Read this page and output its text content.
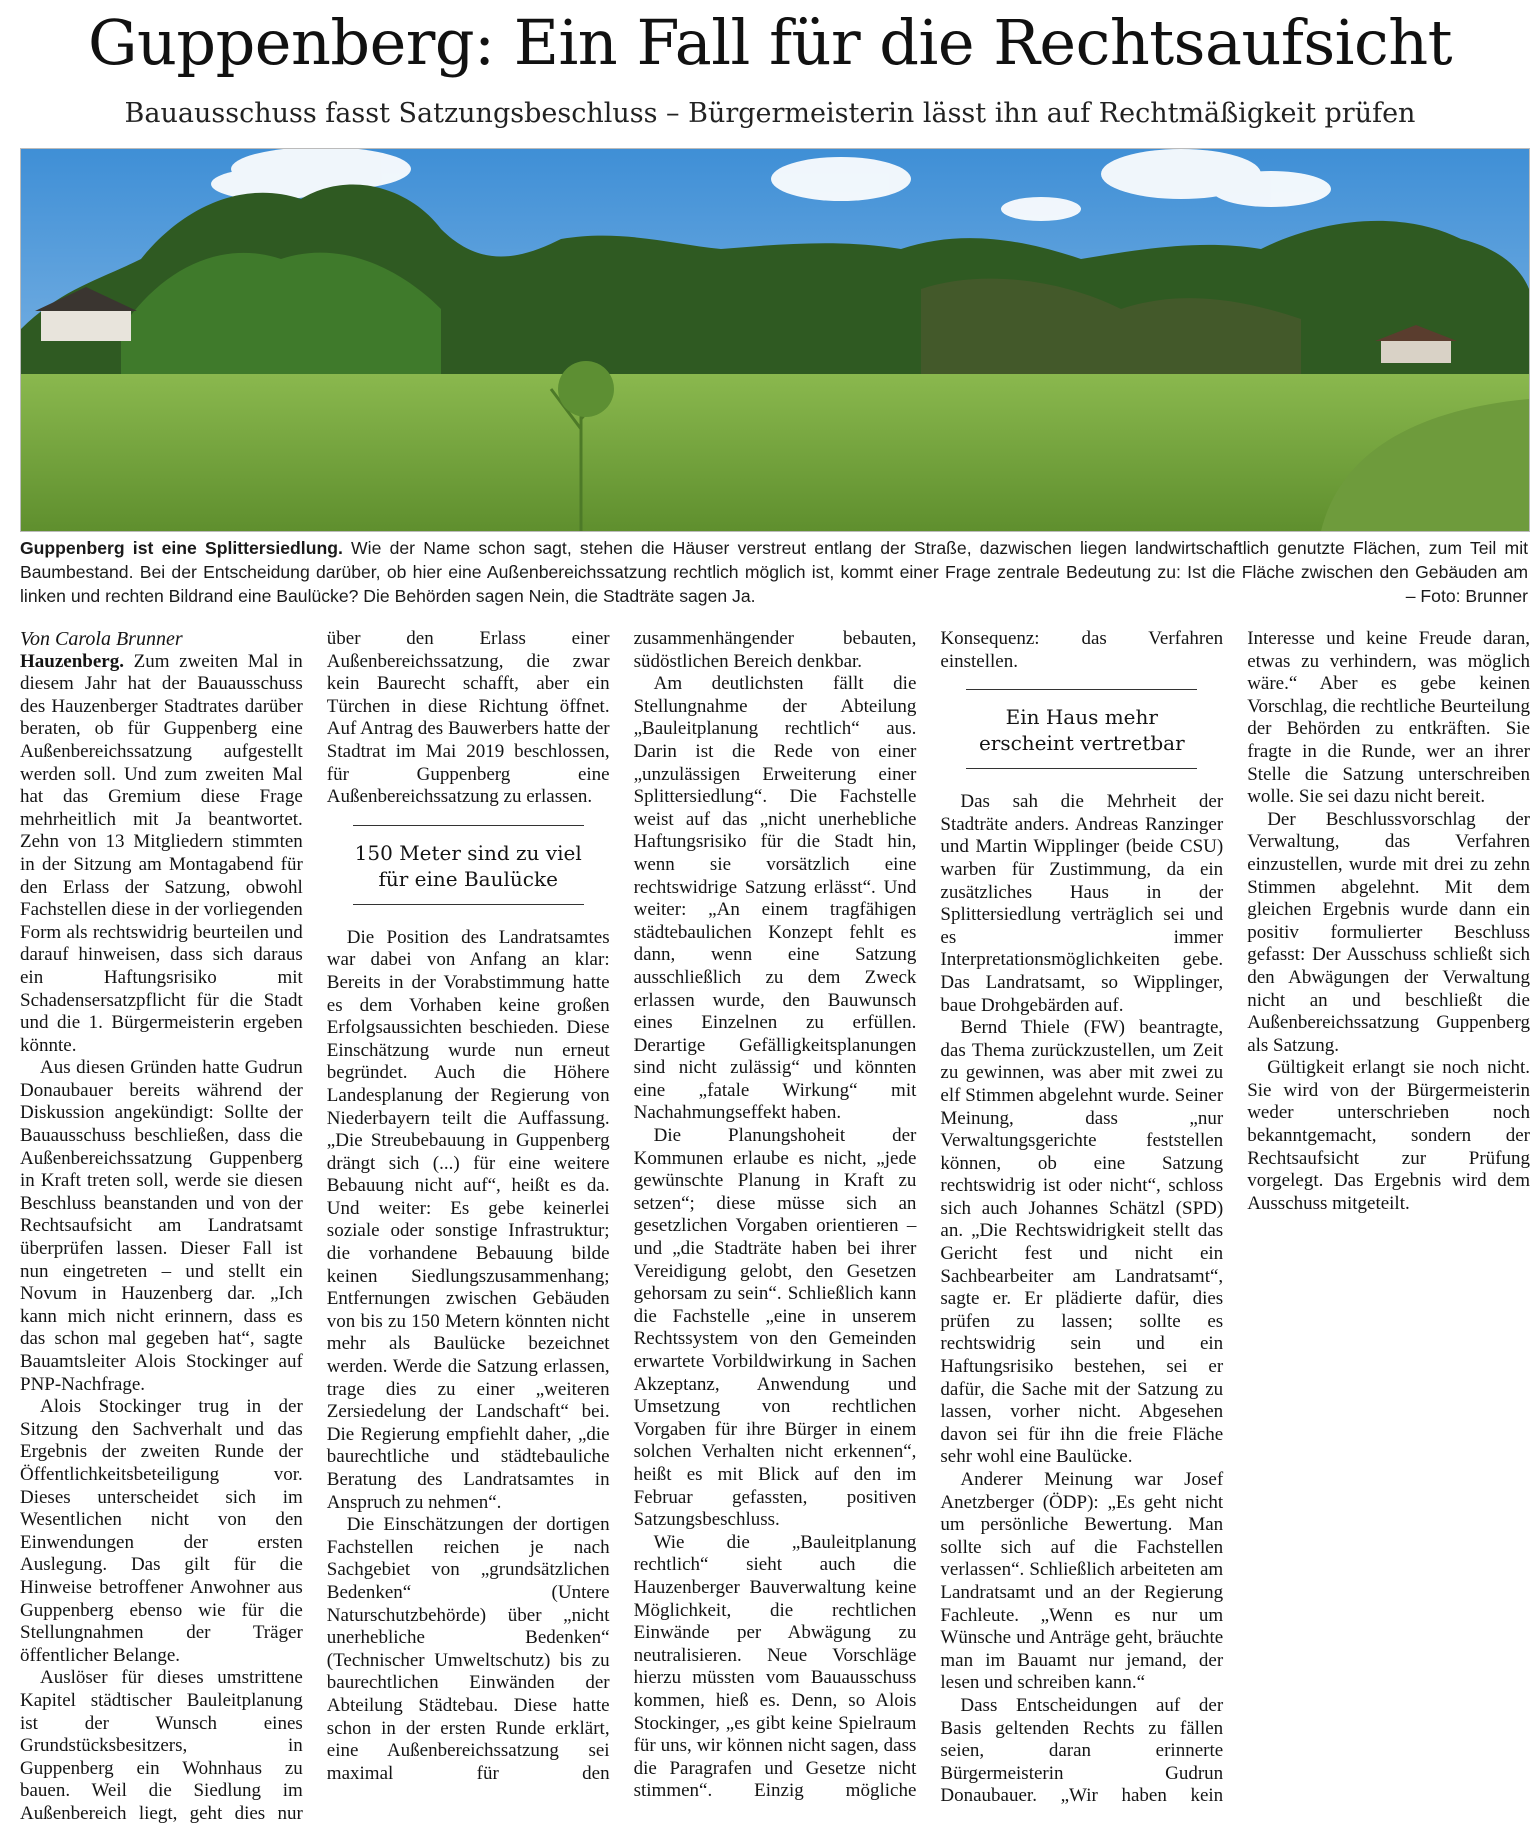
Guppenberg: Ein Fall für die Rechtsaufsicht
Bauausschuss fasst Satzungsbeschluss – Bürgermeisterin lässt ihn auf Rechtmäßigkeit prüfen
Guppenberg ist eine Splittersiedlung. Wie der Name schon sagt, stehen die Häuser verstreut entlang der Straße, dazwischen liegen landwirtschaftlich genutzte Flächen, zum Teil mit Baumbestand. Bei der Entscheidung darüber, ob hier eine Außenbereichssatzung rechtlich möglich ist, kommt einer Frage zentrale Bedeutung zu: Ist die Fläche zwischen den Gebäuden am linken und rechten Bildrand eine Baulücke? Die Behörden sagen Nein, die Stadträte sagen Ja.	– Foto: Brunner

Von Carola Brunner

Hauzenberg. Zum zweiten Mal in diesem Jahr hat der Bauausschuss des Hauzenberger Stadtrates darüber beraten, ob für Guppenberg eine Außenbereichssatzung aufgestellt werden soll. Und zum zweiten Mal hat das Gremium diese Frage mehrheitlich mit Ja beantwortet. Zehn von 13 Mitgliedern stimmten in der Sitzung am Montagabend für den Erlass der Satzung, obwohl Fachstellen diese in der vorliegenden Form als rechtswidrig beurteilen und darauf hinweisen, dass sich daraus ein Haftungsrisiko mit Schadensersatzpflicht für die Stadt und die 1. Bürgermeisterin ergeben könnte.

Aus diesen Gründen hatte Gudrun Donaubauer bereits während der Diskussion angekündigt: Sollte der Bauausschuss beschließen, dass die Außenbereichssatzung Guppenberg in Kraft treten soll, werde sie diesen Beschluss beanstanden und von der Rechtsaufsicht am Landratsamt überprüfen lassen. Dieser Fall ist nun eingetreten – und stellt ein Novum in Hauzenberg dar. „Ich kann mich nicht erinnern, dass es das schon mal gegeben hat“, sagte Bauamtsleiter Alois Stockinger auf PNP-Nachfrage.

Alois Stockinger trug in der Sitzung den Sachverhalt und das Ergebnis der zweiten Runde der Öffentlichkeitsbeteiligung vor. Dieses unterscheidet sich im Wesentlichen nicht von den Einwendungen der ersten Auslegung. Das gilt für die Hinweise betroffener Anwohner aus Guppenberg ebenso wie für die Stellungnahmen der Träger öffentlicher Belange.

Auslöser für dieses umstrittene Kapitel städtischer Bauleitplanung ist der Wunsch eines Grundstücksbesitzers, in Guppenberg ein Wohnhaus zu bauen. Weil die Siedlung im Außenbereich liegt, geht dies nur über den Erlass einer Außenbereichssatzung, die zwar kein Baurecht schafft, aber ein Türchen in diese Richtung öffnet. Auf Antrag des Bauwerbers hatte der Stadtrat im Mai 2019 beschlossen, für Guppenberg eine Außenbereichssatzung zu erlassen.

150 Meter sind zu viel
für eine Baulücke

Die Position des Landratsamtes war dabei von Anfang an klar: Bereits in der Vorabstimmung hatte es dem Vorhaben keine großen Erfolgsaussichten beschieden. Diese Einschätzung wurde nun erneut begründet. Auch die Höhere Landesplanung der Regierung von Niederbayern teilt die Auffassung. „Die Streubebauung in Guppenberg drängt sich (...) für eine weitere Bebauung nicht auf“, heißt es da. Und weiter: Es gebe keinerlei soziale oder sonstige Infrastruktur; die vorhandene Bebauung bilde keinen Siedlungszusammenhang; Entfernungen zwischen Gebäuden von bis zu 150 Metern könnten nicht mehr als Baulücke bezeichnet werden. Werde die Satzung erlassen, trage dies zu einer „weiteren Zersiedelung der Landschaft“ bei. Die Regierung empfiehlt daher, „die baurechtliche und städtebauliche Beratung des Landratsamtes in Anspruch zu nehmen“.

Die Einschätzungen der dortigen Fachstellen reichen je nach Sachgebiet von „grundsätzlichen Bedenken“ (Untere Naturschutzbehörde) über „nicht unerhebliche Bedenken“ (Technischer Umweltschutz) bis zu baurechtlichen Einwänden der Abteilung Städtebau. Diese hatte schon in der ersten Runde erklärt, eine Außenbereichssatzung sei maximal für den zusammenhängender bebauten, südöstlichen Bereich denkbar.

Am deutlichsten fällt die Stellungnahme der Abteilung „Bauleitplanung rechtlich“ aus. Darin ist die Rede von einer „unzulässigen Erweiterung einer Splittersiedlung“. Die Fachstelle weist auf das „nicht unerhebliche Haftungsrisiko für die Stadt hin, wenn sie vorsätzlich eine rechtswidrige Satzung erlässt“. Und weiter: „An einem tragfähigen städtebaulichen Konzept fehlt es dann, wenn eine Satzung ausschließlich zu dem Zweck erlassen wurde, den Bauwunsch eines Einzelnen zu erfüllen. Derartige Gefälligkeitsplanungen sind nicht zulässig“ und könnten eine „fatale Wirkung“ mit Nachahmungseffekt haben.

Die Planungshoheit der Kommunen erlaube es nicht, „jede gewünschte Planung in Kraft zu setzen“; diese müsse sich an gesetzlichen Vorgaben orientieren – und „die Stadträte haben bei ihrer Vereidigung gelobt, den Gesetzen gehorsam zu sein“. Schließlich kann die Fachstelle „eine in unserem Rechtssystem von den Gemeinden erwartete Vorbildwirkung in Sachen Akzeptanz, Anwendung und Umsetzung von rechtlichen Vorgaben für ihre Bürger in einem solchen Verhalten nicht erkennen“, heißt es mit Blick auf den im Februar gefassten, positiven Satzungsbeschluss.

Wie die „Bauleitplanung rechtlich“ sieht auch die Hauzenberger Bauverwaltung keine Möglichkeit, die rechtlichen Einwände per Abwägung zu neutralisieren. Neue Vorschläge hierzu müssten vom Bauausschuss kommen, hieß es. Denn, so Alois Stockinger, „es gibt keine Spielraum für uns, wir können nicht sagen, dass die Paragrafen und Gesetze nicht stimmen“. Einzig mögliche Konsequenz: das Verfahren einstellen.

Ein Haus mehr
erscheint vertretbar

Das sah die Mehrheit der Stadträte anders. Andreas Ranzinger und Martin Wipplinger (beide CSU) warben für Zustimmung, da ein zusätzliches Haus in der Splittersiedlung verträglich sei und es immer Interpretationsmöglichkeiten gebe. Das Landratsamt, so Wipplinger, baue Drohgebärden auf.

Bernd Thiele (FW) beantragte, das Thema zurückzustellen, um Zeit zu gewinnen, was aber mit zwei zu elf Stimmen abgelehnt wurde. Seiner Meinung, dass „nur Verwaltungsgerichte feststellen können, ob eine Satzung rechtswidrig ist oder nicht“, schloss sich auch Johannes Schätzl (SPD) an. „Die Rechtswidrigkeit stellt das Gericht fest und nicht ein Sachbearbeiter am Landratsamt“, sagte er. Er plädierte dafür, dies prüfen zu lassen; sollte es rechtswidrig sein und ein Haftungsrisiko bestehen, sei er dafür, die Sache mit der Satzung zu lassen, vorher nicht. Abgesehen davon sei für ihn die freie Fläche sehr wohl eine Baulücke.

Anderer Meinung war Josef Anetzberger (ÖDP): „Es geht nicht um persönliche Bewertung. Man sollte sich auf die Fachstellen verlassen“. Schließlich arbeiteten am Landratsamt und an der Regierung Fachleute. „Wenn es nur um Wünsche und Anträge geht, bräuchte man im Bauamt nur jemand, der lesen und schreiben kann.“

Dass Entscheidungen auf der Basis geltenden Rechts zu fällen seien, daran erinnerte Bürgermeisterin Gudrun Donaubauer. „Wir haben kein Interesse und keine Freude daran, etwas zu verhindern, was möglich wäre.“ Aber es gebe keinen Vorschlag, die rechtliche Beurteilung der Behörden zu entkräften. Sie fragte in die Runde, wer an ihrer Stelle die Satzung unterschreiben wolle. Sie sei dazu nicht bereit.

Der Beschlussvorschlag der Verwaltung, das Verfahren einzustellen, wurde mit drei zu zehn Stimmen abgelehnt. Mit dem gleichen Ergebnis wurde dann ein positiv formulierter Beschluss gefasst: Der Ausschuss schließt sich den Abwägungen der Verwaltung nicht an und beschließt die Außenbereichssatzung Guppenberg als Satzung.

Gültigkeit erlangt sie noch nicht. Sie wird von der Bürgermeisterin weder unterschrieben noch bekanntgemacht, sondern der Rechtsaufsicht zur Prüfung vorgelegt. Das Ergebnis wird dem Ausschuss mitgeteilt.
